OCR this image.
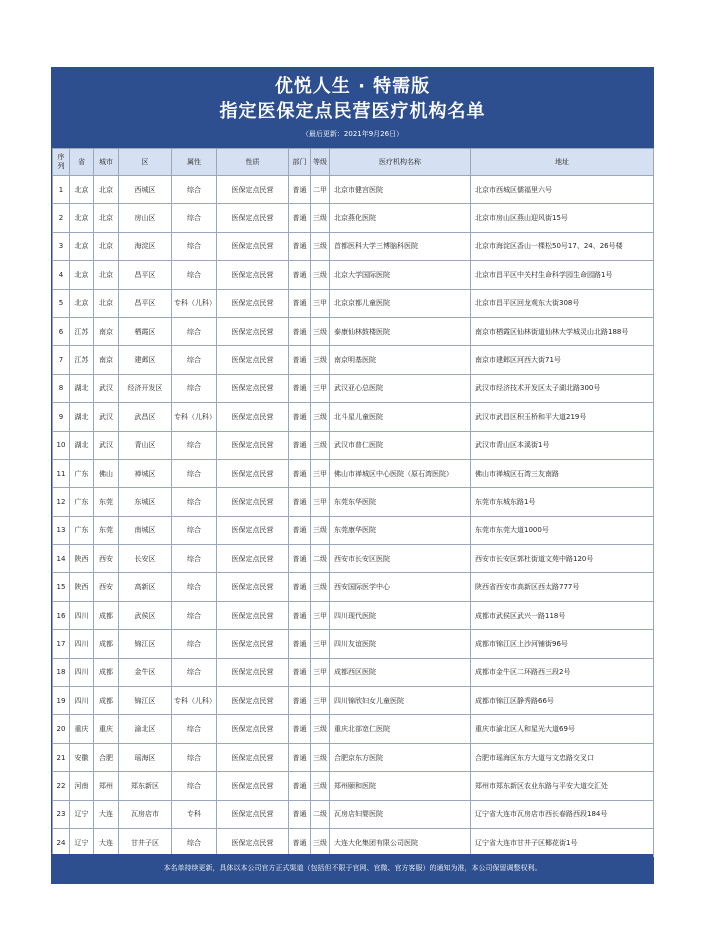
优悦人生 · 特需版
指定医保定点民营医疗机构名单
（最后更新：2021年9月26日）
序列	省	城市	区	属性	性质	部门	等级	医疗机构名称	地址
1	北京	北京	西城区	综合	医保定点民营	普通	二甲	北京市健宫医院	北京市西城区儒福里六号
2	北京	北京	房山区	综合	医保定点民营	普通	三级	北京燕化医院	北京市房山区燕山迎风街15号
3	北京	北京	海淀区	综合	医保定点民营	普通	三级	首都医科大学三博脑科医院	北京市海淀区香山一棵松50号17、24、26号楼
4	北京	北京	昌平区	综合	医保定点民营	普通	三级	北京大学国际医院	北京市昌平区中关村生命科学园生命园路1号
5	北京	北京	昌平区	专科（儿科）	医保定点民营	普通	三甲	北京京都儿童医院	北京市昌平区回龙观东大街308号
6	江苏	南京	栖霞区	综合	医保定点民营	普通	三级	泰康仙林鼓楼医院	南京市栖霞区仙林街道仙林大学城灵山北路188号
7	江苏	南京	建邺区	综合	医保定点民营	普通	三级	南京明基医院	南京市建邺区河西大街71号
8	湖北	武汉	经济开发区	综合	医保定点民营	普通	三甲	武汉亚心总医院	武汉市经济技术开发区太子湖北路300号
9	湖北	武汉	武昌区	专科（儿科）	医保定点民营	普通	三级	北斗星儿童医院	武汉市武昌区积玉桥和平大道219号
10	湖北	武汉	青山区	综合	医保定点民营	普通	三级	武汉市普仁医院	武汉市青山区本溪街1号
11	广东	佛山	禅城区	综合	医保定点民营	普通	三甲	佛山市禅城区中心医院（原石湾医院）	佛山市禅城区石湾三友南路
12	广东	东莞	东城区	综合	医保定点民营	普通	三甲	东莞东华医院	东莞市东城东路1号
13	广东	东莞	南城区	综合	医保定点民营	普通	三级	东莞康华医院	东莞市东莞大道1000号
14	陕西	西安	长安区	综合	医保定点民营	普通	二级	西安市长安区医院	西安市长安区郭杜街道文苑中路120号
15	陕西	西安	高新区	综合	医保定点民营	普通	三级	西安国际医学中心	陕西省西安市高新区西太路777号
16	四川	成都	武侯区	综合	医保定点民营	普通	三甲	四川现代医院	成都市武侯区武兴一路118号
17	四川	成都	锦江区	综合	医保定点民营	普通	三甲	四川友谊医院	成都市锦江区上沙河铺街96号
18	四川	成都	金牛区	综合	医保定点民营	普通	三甲	成都西区医院	成都市金牛区二环路西三段2号
19	四川	成都	锦江区	专科（儿科）	医保定点民营	普通	三甲	四川锦欣妇女儿童医院	成都市锦江区静秀路66号
20	重庆	重庆	渝北区	综合	医保定点民营	普通	三级	重庆北部宽仁医院	重庆市渝北区人和星光大道69号
21	安徽	合肥	瑶海区	综合	医保定点民营	普通	三级	合肥京东方医院	合肥市瑶海区东方大道与文忠路交叉口
22	河南	郑州	郑东新区	综合	医保定点民营	普通	三级	郑州颐和医院	郑州市郑东新区农业东路与平安大道交汇处
23	辽宁	大连	瓦房店市	专科	医保定点民营	普通	二级	瓦房店妇婴医院	辽宁省大连市瓦房店市西长春路西段184号
24	辽宁	大连	甘井子区	综合	医保定点民营	普通	三级	大连大化集团有限公司医院	辽宁省大连市甘井子区椰花街1号
本名单持续更新，具体以本公司官方正式渠道（包括但不限于官网、官微、官方客服）的通知为准，本公司保留调整权利。
